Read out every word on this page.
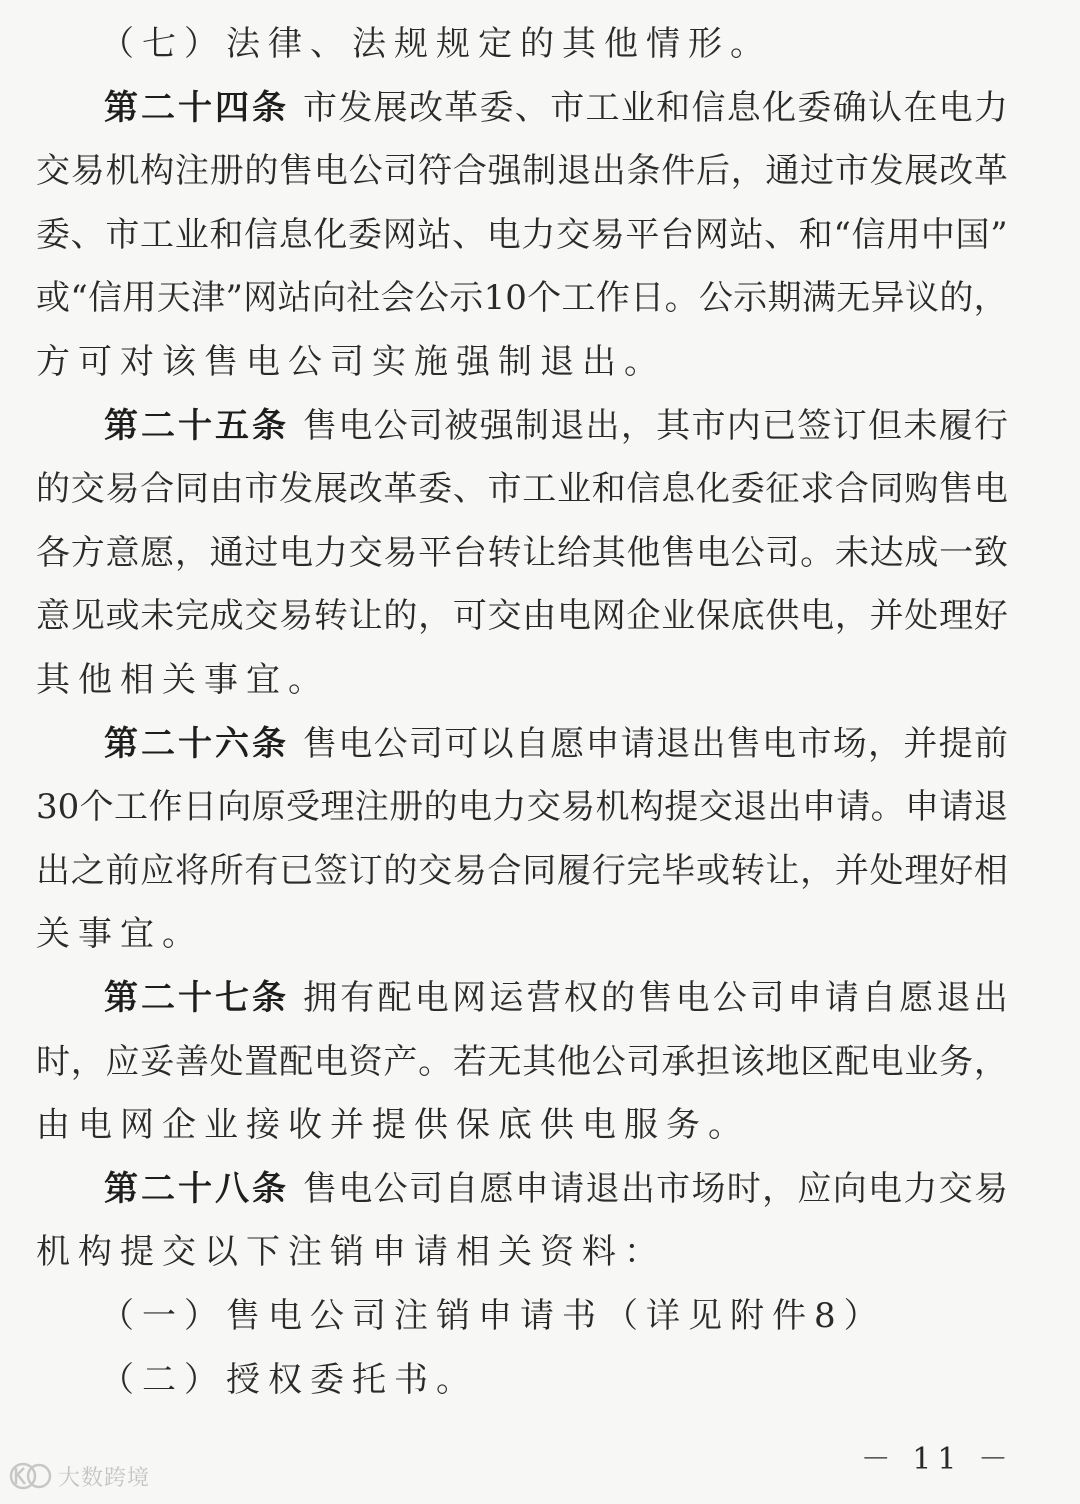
（七）法律、法规规定的其他情形。
第二十四条 市 发 展 改 革 委 、 市 工 业 和 信 息 化 委 确 认 在 电 力
交 易 机 构 注 册 的 售 电 公 司 符 合 强 制 退 出 条 件 后 ， 通 过 市 发 展 改 革
委 、 市 工 业 和 信 息 化 委 网 站 、 电 力 交 易 平 台 网 站 、 和 “ 信 用 中 国 ”
或 “ 信 用 天 津 ” 网 站 向 社 会 公 示 10 个 工 作 日 。 公 示 期 满 无 异 议 的 ，
方可对该售电公司实施强制退出。
第二十五条 售 电 公 司 被 强 制 退 出 ， 其 市 内 已 签 订 但 未 履 行
的 交 易 合 同 由 市 发 展 改 革 委 、 市 工 业 和 信 息 化 委 征 求 合 同 购 售 电
各 方 意 愿 ， 通 过 电 力 交 易 平 台 转 让 给 其 他 售 电 公 司 。 未 达 成 一 致
意 见 或 未 完 成 交 易 转 让 的 ， 可 交 由 电 网 企 业 保 底 供 电 ， 并 处 理 好
其他相关事宜。
第二十六条 售 电 公 司 可 以 自 愿 申 请 退 出 售 电 市 场 ， 并 提 前
30 个 工 作 日 向 原 受 理 注 册 的 电 力 交 易 机 构 提 交 退 出 申 请 。 申 请 退
出 之 前 应 将 所 有 已 签 订 的 交 易 合 同 履 行 完 毕 或 转 让 ， 并 处 理 好 相
关事宜。
第二十七条 拥 有 配 电 网 运 营 权 的 售 电 公 司 申 请 自 愿 退 出
时 ， 应 妥 善 处 置 配 电 资 产 。 若 无 其 他 公 司 承 担 该 地 区 配 电 业 务 ，
由电网企业接收并提供保底供电服务。
第二十八条 售 电 公 司 自 愿 申 请 退 出 市 场 时 ， 应 向 电 力 交 易
机构提交以下注销申请相关资料：
（一）售电公司注销申请书（详见附件8）
（二）授权委托书。
－ 11 －
大数跨境
